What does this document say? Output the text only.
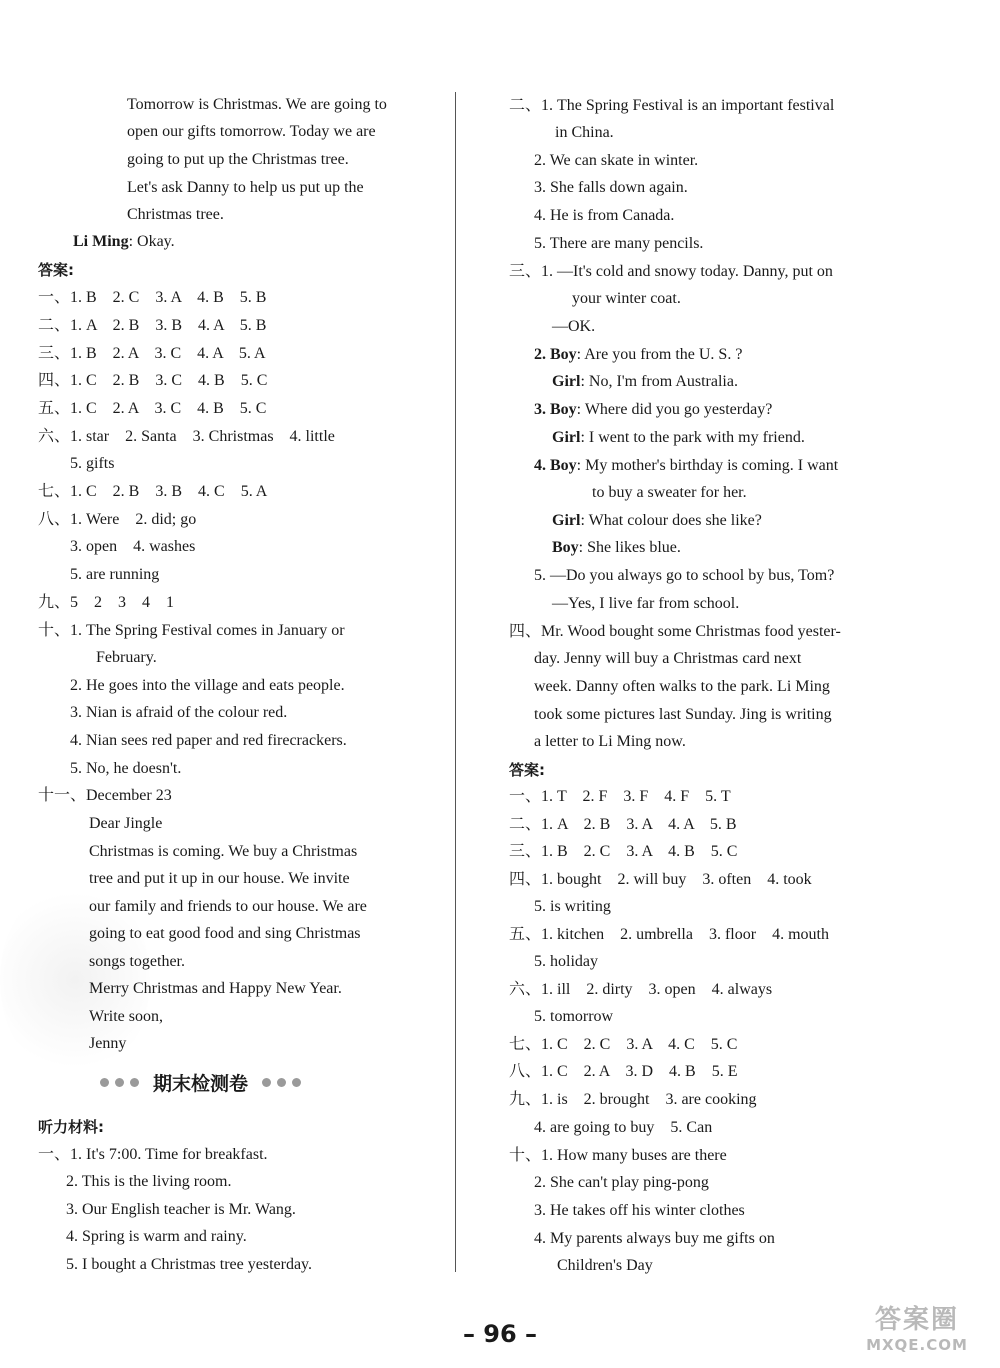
Tomorrow is Christmas. We are going to
open our gifts tomorrow. Today we are
going to put up the Christmas tree.
Let's ask Danny to help us put up the
Christmas tree.
Li Ming: Okay.
答案:
一、1. B    2. C    3. A    4. B    5. B
二、1. A    2. B    3. B    4. A    5. B
三、1. B    2. A    3. C    4. A    5. A
四、1. C    2. B    3. C    4. B    5. C
五、1. C    2. A    3. C    4. B    5. C
六、1. star    2. Santa    3. Christmas    4. little
5. gifts
七、1. C    2. B    3. B    4. C    5. A
八、1. Were    2. did; go
3. open    4. washes
5. are running
九、5    2    3    4    1
十、1. The Spring Festival comes in January or
February.
2. He goes into the village and eats people.
3. Nian is afraid of the colour red.
4. Nian sees red paper and red firecrackers.
5. No, he doesn't.
十一、December 23
Dear Jingle
Christmas is coming. We buy a Christmas
tree and put it up in our house. We invite
our family and friends to our house. We are
going to eat good food and sing Christmas
songs together.
Merry Christmas and Happy New Year.
Write soon,
Jenny
听力材料:
一、1. It's 7:00. Time for breakfast.
2. This is the living room.
3. Our English teacher is Mr. Wang.
4. Spring is warm and rainy.
5. I bought a Christmas tree yesterday.
二、1. The Spring Festival is an important festival
in China.
2. We can skate in winter.
3. She falls down again.
4. He is from Canada.
5. There are many pencils.
三、1. —It's cold and snowy today. Danny, put on
your winter coat.
—OK.
2. Boy: Are you from the U. S. ?
Girl: No, I'm from Australia.
3. Boy: Where did you go yesterday?
Girl: I went to the park with my friend.
4. Boy: My mother's birthday is coming. I want
to buy a sweater for her.
Girl: What colour does she like?
Boy: She likes blue.
5. —Do you always go to school by bus, Tom?
—Yes, I live far from school.
四、Mr. Wood bought some Christmas food yester-
day. Jenny will buy a Christmas card next
week. Danny often walks to the park. Li Ming
took some pictures last Sunday. Jing is writing
a letter to Li Ming now.
答案:
一、1. T    2. F    3. F    4. F    5. T
二、1. A    2. B    3. A    4. A    5. B
三、1. B    2. C    3. A    4. B    5. C
四、1. bought    2. will buy    3. often    4. took
5. is writing
五、1. kitchen    2. umbrella    3. floor    4. mouth
5. holiday
六、1. ill    2. dirty    3. open    4. always
5. tomorrow
七、1. C    2. C    3. A    4. C    5. C
八、1. C    2. A    3. D    4. B    5. E
九、1. is    2. brought    3. are cooking
4. are going to buy    5. Can
十、1. How many buses are there
2. She can't play ping-pong
3. He takes off his winter clothes
4. My parents always buy me gifts on
Children's Day
期末检测卷
– 96 –	答案圈
MXQE.COM
